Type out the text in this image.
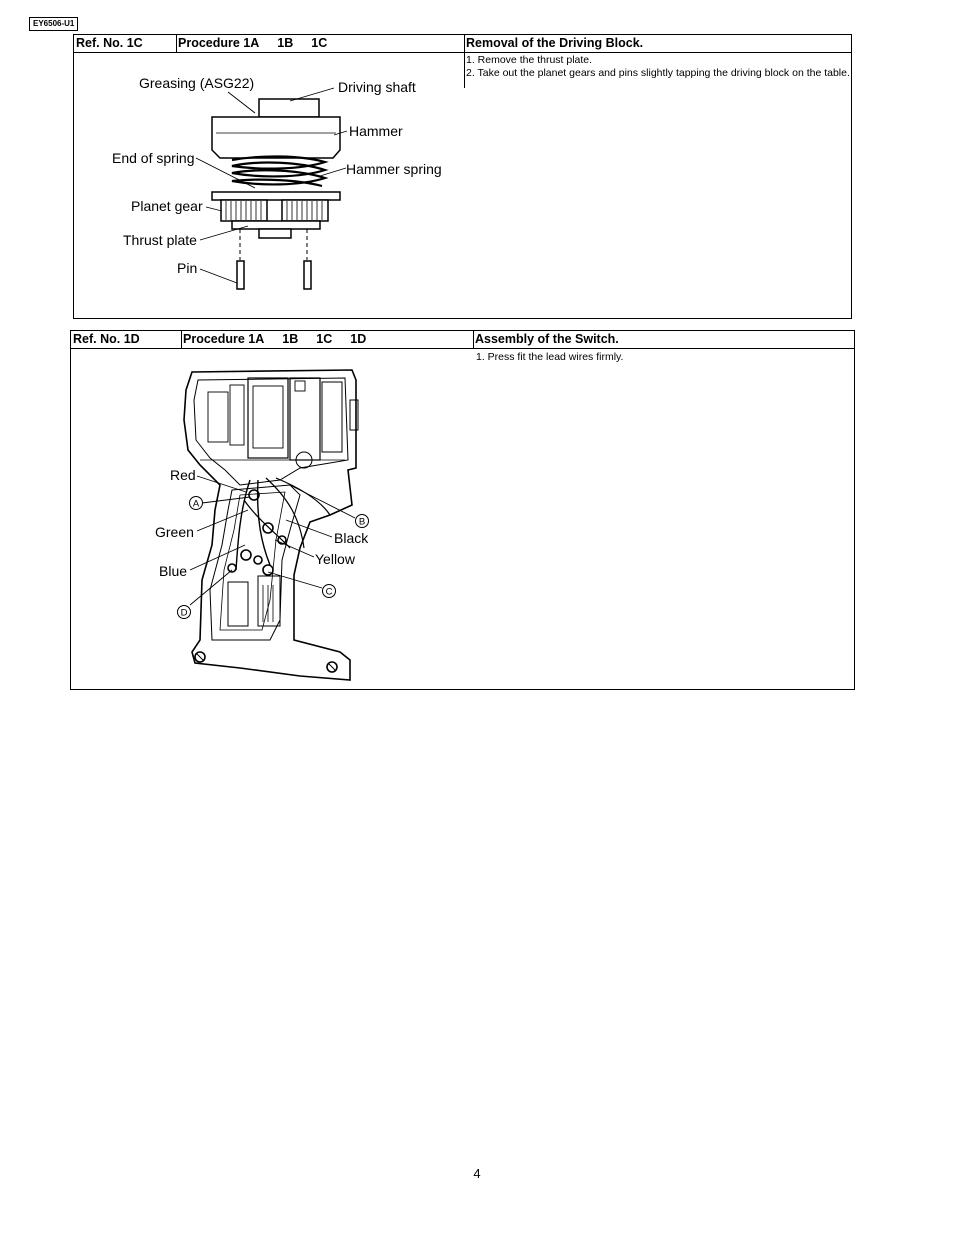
EY6506-U1
Ref. No. 1C	Procedure 1A 1B 1C	Removal of the Driving Block.
1. Remove the thrust plate.
2. Take out the planet gears and pins slightly tapping the driving block on the table.
Greasing (ASG22)	Driving shaft
Hammer
End of spring
Hammer spring
Planet gear
Thrust plate
Pin
Ref. No. 1D	Procedure 1A 1B 1C 1D	Assembly of the Switch.
1. Press fit the lead wires firmly.
A
B
C
D
Red
Green
Blue
Black
Yellow
4
